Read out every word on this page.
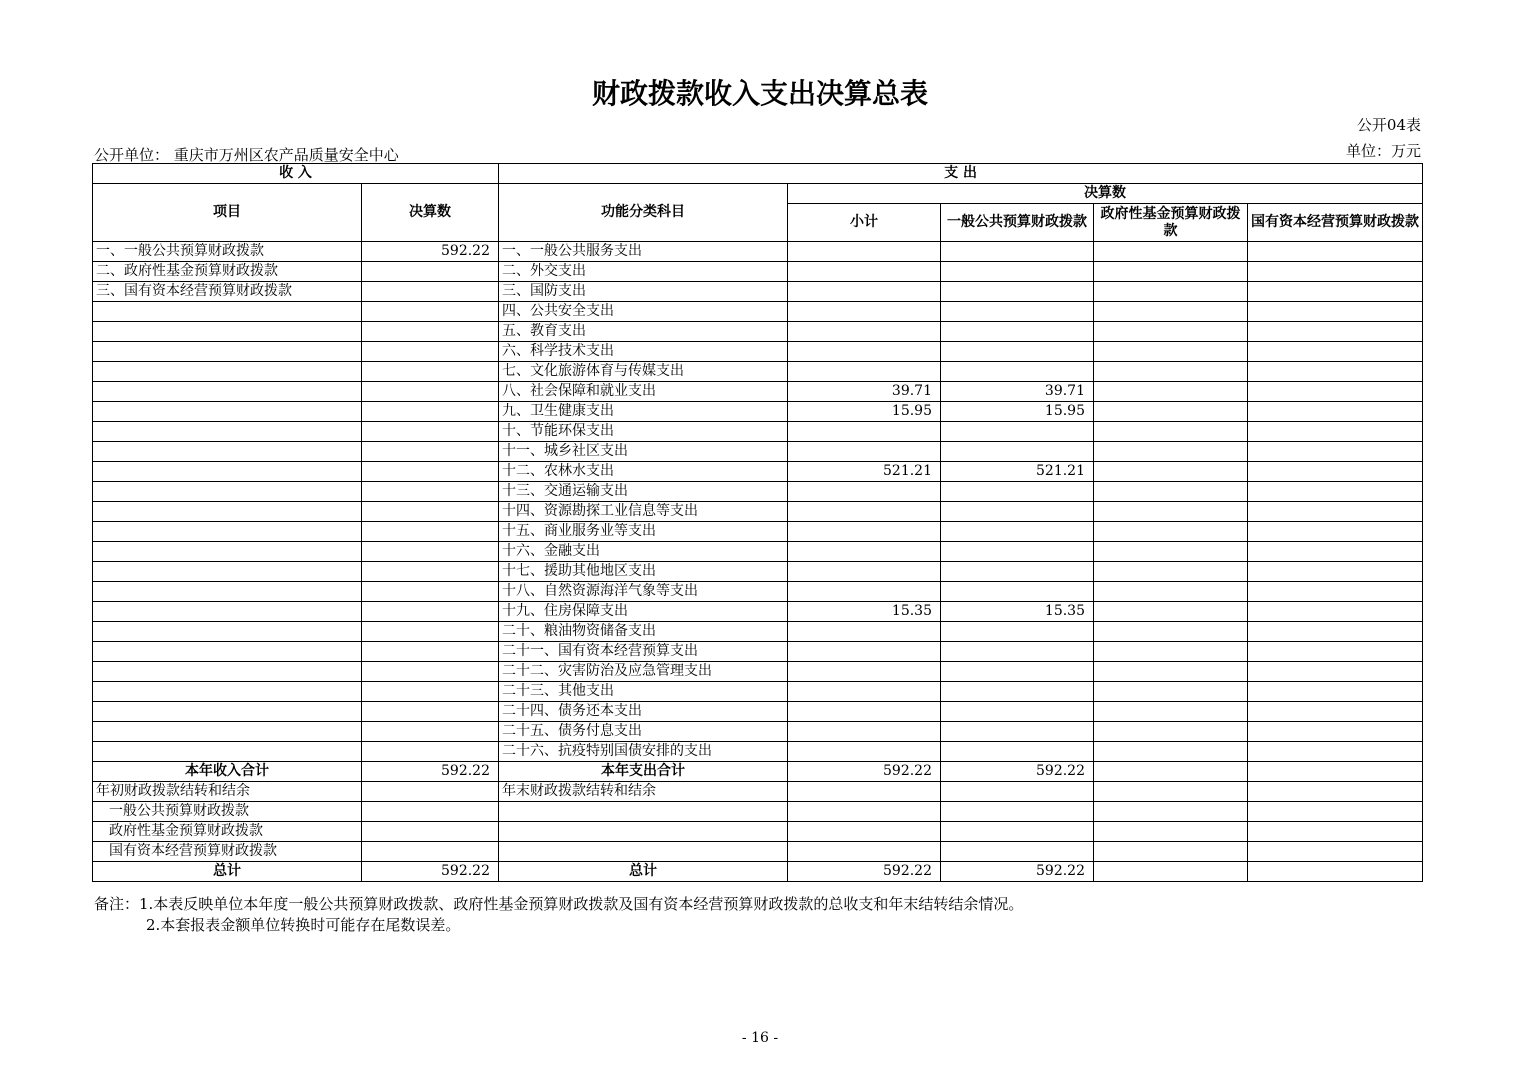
财政拨款收入支出决算总表
公开04表
单位：万元
公开单位： 重庆市万州区农产品质量安全中心
收 入		支 出				
项目	决算数	功能分类科目	决算数			
			小计	一般公共预算财政拨款	政府性基金预算财政拨款	国有资本经营预算财政拨款
一、一般公共预算财政拨款	592.22	一、一般公共服务支出				
二、政府性基金预算财政拨款		二、外交支出				
三、国有资本经营预算财政拨款		三、国防支出				
		四、公共安全支出				
		五、教育支出				
		六、科学技术支出				
		七、文化旅游体育与传媒支出				
		八、社会保障和就业支出	39.71	39.71		
		九、卫生健康支出	15.95	15.95		
		十、节能环保支出				
		十一、城乡社区支出				
		十二、农林水支出	521.21	521.21		
		十三、交通运输支出				
		十四、资源勘探工业信息等支出				
		十五、商业服务业等支出				
		十六、金融支出				
		十七、援助其他地区支出				
		十八、自然资源海洋气象等支出				
		十九、住房保障支出	15.35	15.35		
		二十、粮油物资储备支出				
		二十一、国有资本经营预算支出				
		二十二、灾害防治及应急管理支出				
		二十三、其他支出				
		二十四、债务还本支出				
		二十五、债务付息支出				
		二十六、抗疫特别国债安排的支出				
本年收入合计	592.22	本年支出合计	592.22	592.22		
年初财政拨款结转和结余		年末财政拨款结转和结余				
一般公共预算财政拨款						
政府性基金预算财政拨款						
国有资本经营预算财政拨款						
总计	592.22	总计	592.22	592.22		
备注：1.本表反映单位本年度一般公共预算财政拨款、政府性基金预算财政拨款及国有资本经营预算财政拨款的总收支和年末结转结余情况。
2.本套报表金额单位转换时可能存在尾数误差。
- 16 -
